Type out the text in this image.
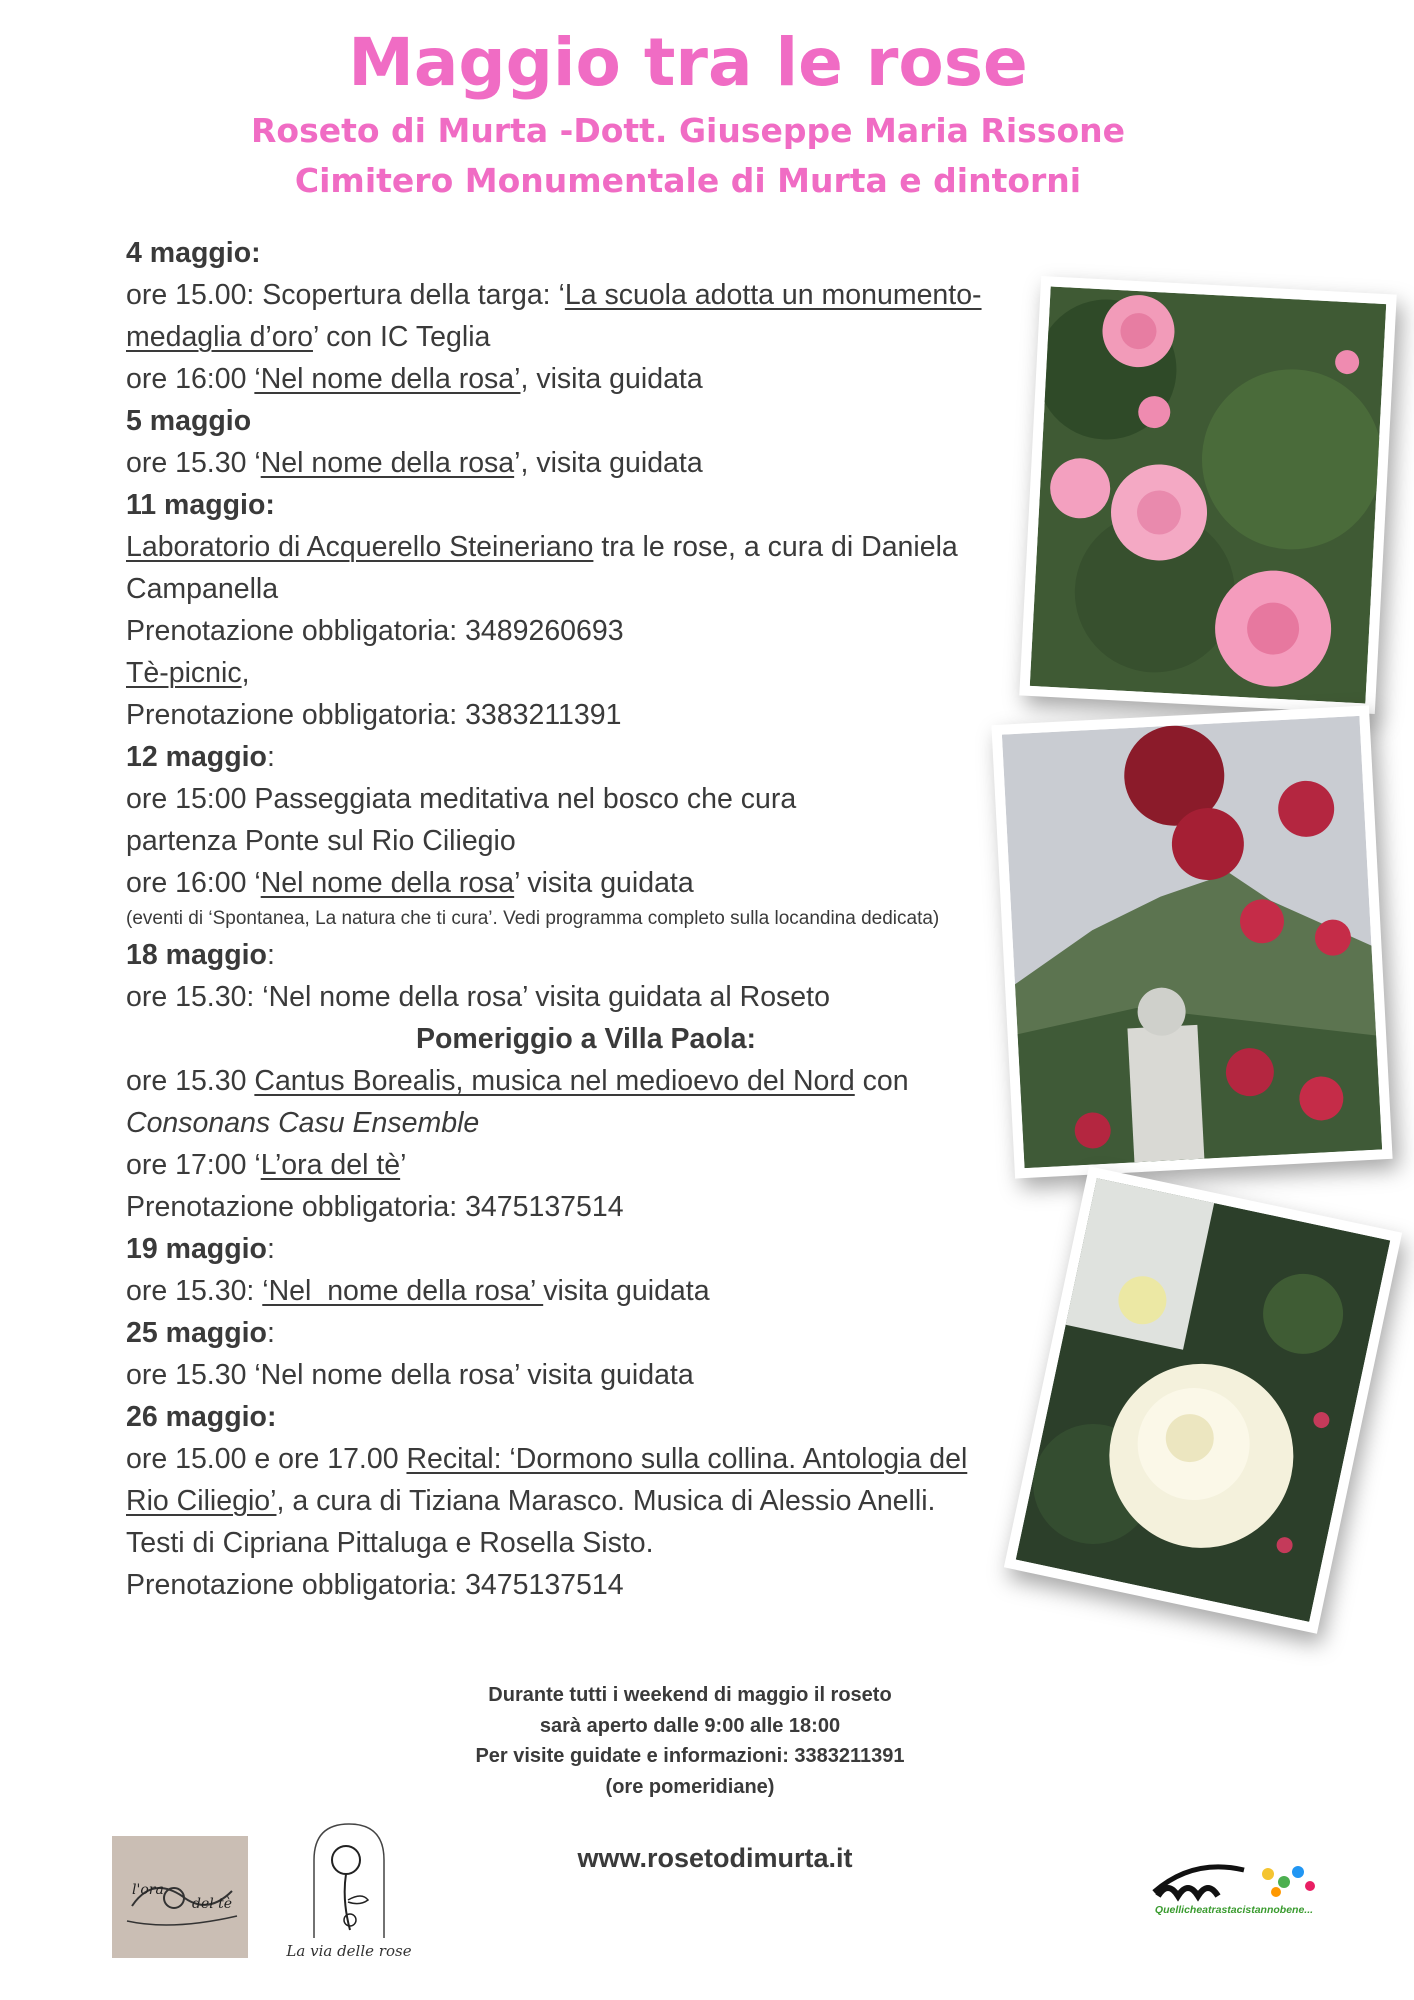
Maggio tra le rose
Roseto di Murta -Dott. Giuseppe Maria Rissone
Cimitero Monumentale di Murta e dintorni
4 maggio:
ore 15.00: Scopertura della targa: ‘La scuola adotta un monumento-
medaglia d’oro’ con IC Teglia
ore 16:00 ‘Nel nome della rosa’, visita guidata
5 maggio
ore 15.30 ‘Nel nome della rosa’, visita guidata
11 maggio:
Laboratorio di Acquerello Steineriano tra le rose, a cura di Daniela
Campanella
Prenotazione obbligatoria: 3489260693
Tè-picnic,
Prenotazione obbligatoria: 3383211391
12 maggio:
ore 15:00 Passeggiata meditativa nel bosco che cura
partenza Ponte sul Rio Ciliegio
ore 16:00 ‘Nel nome della rosa’ visita guidata
(eventi di ‘Spontanea, La natura che ti cura’. Vedi programma completo sulla locandina dedicata)
18 maggio:
ore 15.30: ‘Nel nome della rosa’ visita guidata al Roseto
Pomeriggio a Villa Paola:
ore 15.30 Cantus Borealis, musica nel medioevo del Nord con
Consonans Casu Ensemble
ore 17:00 ‘L’ora del tè’
Prenotazione obbligatoria: 3475137514
19 maggio:
ore 15.30: ‘Nel  nome della rosa’ visita guidata
25 maggio:
ore 15.30 ‘Nel nome della rosa’ visita guidata
26 maggio:
ore 15.00 e ore 17.00 Recital: ‘Dormono sulla collina. Antologia del
Rio Ciliegio’, a cura di Tiziana Marasco. Musica di Alessio Anelli.
Testi di Cipriana Pittaluga e Rosella Sisto.
Prenotazione obbligatoria: 3475137514
Durante tutti i weekend di maggio il roseto
sarà aperto dalle 9:00 alle 18:00
Per visite guidate e informazioni: 3383211391
(ore pomeridiane)
www.rosetodimurta.it
l'ora
del tè
La via delle rose
Quellicheatrastacistannobene...
